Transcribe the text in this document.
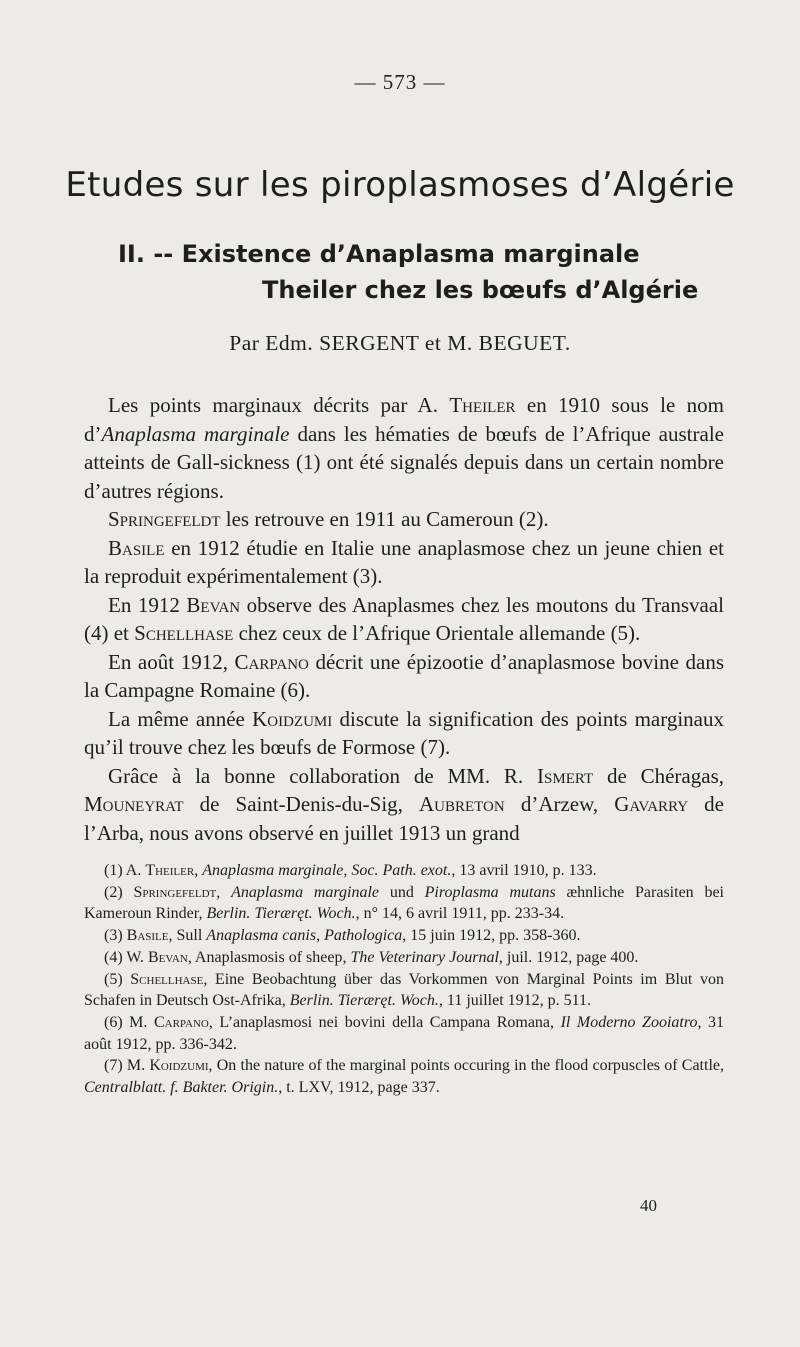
— 573 —
Etudes sur les piroplasmoses d’Algérie
II. -- Existence d’Anaplasma marginale
Theiler chez les bœufs d’Algérie
Par Edm. SERGENT et M. BEGUET.

Les points marginaux décrits par A. Theiler en 1910 sous le nom d’Anaplasma marginale dans les hématies de bœufs de l’Afrique australe atteints de Gall-sickness (1) ont été signalés depuis dans un certain nombre d’autres régions.

Springefeldt les retrouve en 1911 au Cameroun (2).

Basile en 1912 étudie en Italie une anaplasmose chez un jeune chien et la reproduit expérimentalement (3).

En 1912 Bevan observe des Anaplasmes chez les moutons du Transvaal (4) et Schellhase chez ceux de l’Afrique Orientale allemande (5).

En août 1912, Carpano décrit une épizootie d’anaplasmose bovine dans la Campagne Romaine (6).

La même année Koidzumi discute la signification des points marginaux qu’il trouve chez les bœufs de Formose (7).

Grâce à la bonne collaboration de MM. R. Ismert de Chéragas, Mouneyrat de Saint-Denis-du-Sig, Aubreton d’Arzew, Gavarry de l’Arba, nous avons observé en juillet 1913 un grand

(1) A. Theiler, Anaplasma marginale, Soc. Path. exot., 13 avril 1910, p. 133.

(2) Springefeldt, Anaplasma marginale und Piroplasma mutans æhnliche Parasiten bei Kameroun Rinder, Berlin. Tieræręt. Woch., n° 14, 6 avril 1911, pp. 233-34.

(3) Basile, Sull Anaplasma canis, Pathologica, 15 juin 1912, pp. 358-360.

(4) W. Bevan, Anaplasmosis of sheep, The Veterinary Journal, juil. 1912, page 400.

(5) Schellhase, Eine Beobachtung über das Vorkommen von Marginal Points im Blut von Schafen in Deutsch Ost-Afrika, Berlin. Tieræręt. Woch., 11 juillet 1912, p. 511.

(6) M. Carpano, L’anaplasmosi nei bovini della Campana Romana, Il Moderno Zooiatro, 31 août 1912, pp. 336-342.

(7) M. Koidzumi, On the nature of the marginal points occuring in the flood corpuscles of Cattle, Centralblatt. f. Bakter. Origin., t. LXV, 1912, page 337.

40
